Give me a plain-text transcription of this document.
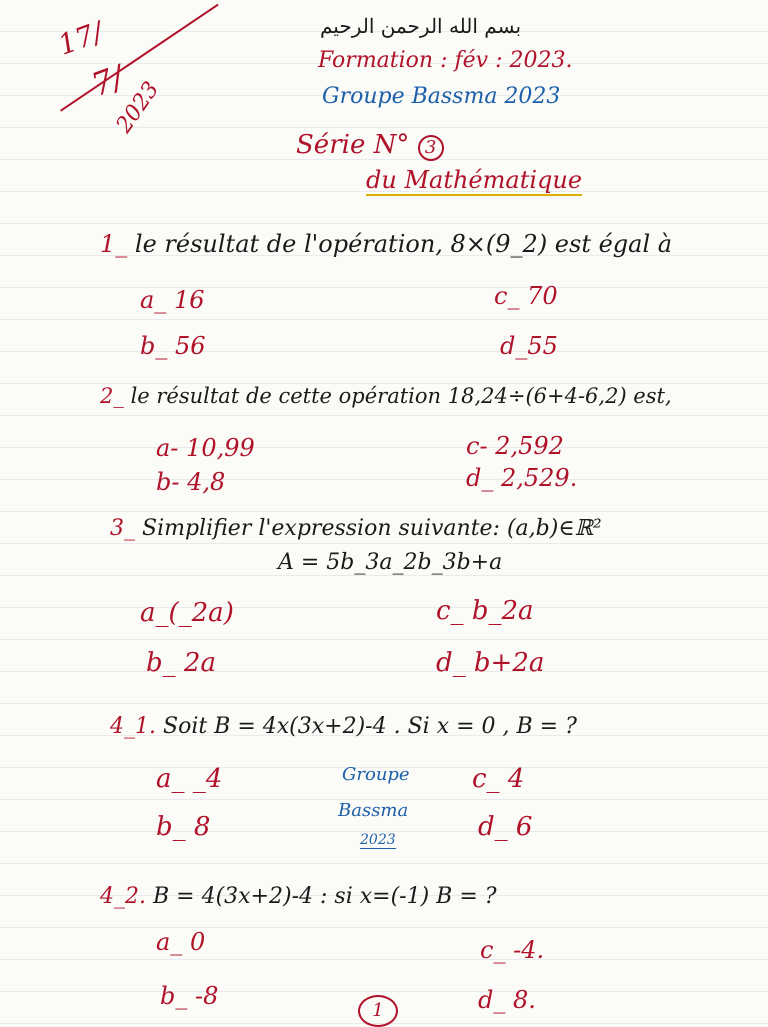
17/
7/
2023
بسم الله الرحمن الرحيم
Formation : fév : 2023.
Groupe Bassma 2023
Série N° 3
du Mathématique
1_ le résultat de l'opération, 8×(9_2) est égal à
a_ 16	c_ 70
b_ 56	d_55
2_ le résultat de cette opération 18,24÷(6+4-6,2) est,
a- 10,99	c- 2,592
b- 4,8	d_ 2,529.
3_ Simplifier l'expression suivante: (a,b)∈ℝ²
A = 5b_3a_2b_3b+a
a_(_2a)	c_ b_2a
b_ 2a	d_ b+2a
4_1. Soit B = 4x(3x+2)-4 . Si x = 0 , B = ?
a_ _4	c_ 4
b_ 8	d_ 6
Groupe
Bassma
2023
4_2. B = 4(3x+2)-4 : si x=(-1) B = ?
a_ 0	c_ -4.
b_ -8	d_ 8.
1
